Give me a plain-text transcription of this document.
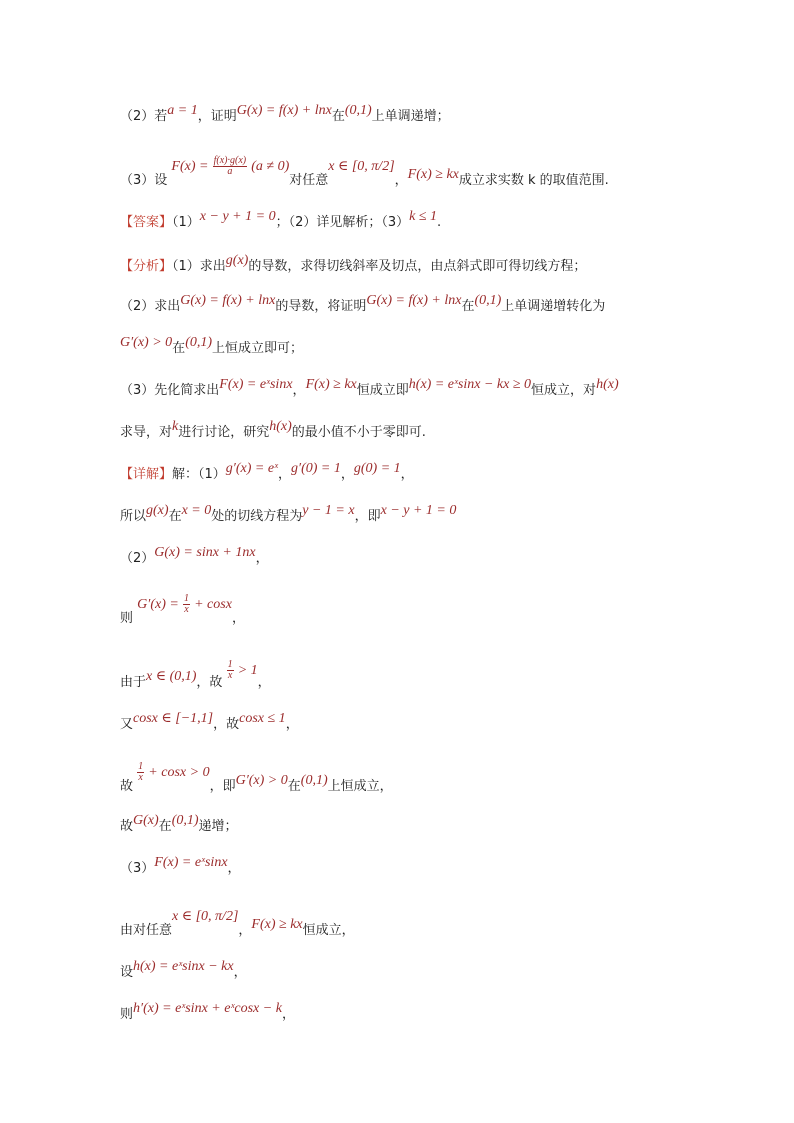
（2）若a = 1，证明G(x) = f(x) + lnx在(0,1)上单调递增；
（3）设 $F(x) = \frac{f(x)\cdot g(x)}{a} (a \ne 0)$对任意x ∈ [0, π/2]，F(x) ≥ kx成立求实数 k 的取值范围.
【答案】（1）x − y + 1 = 0；（2）详见解析；（3）k ≤ 1.
【分析】（1）求出g(x)的导数，求得切线斜率及切点，由点斜式即可得切线方程；
（2）求出G(x) = f(x) + lnx的导数，将证明G(x) = f(x) + lnx在(0,1)上单调递增转化为
G′(x) > 0在(0,1)上恒成立即可；
（3）先化简求出F(x) = eˣsinx，F(x) ≥ kx恒成立即h(x) = eˣsinx − kx ≥ 0恒成立，对h(x)
求导，对k进行讨论，研究h(x)的最小值不小于零即可.
【详解】解：（1）g′(x) = eˣ，g′(0) = 1，g(0) = 1，
所以g(x)在x = 0处的切线方程为y − 1 = x，即x − y + 1 = 0
（2）G(x) = sinx + 1nx，
则 $G'(x) = \frac{1}{x} + \cos x$，
由于x ∈ (0,1)，故
$\frac{1}{x} > 1$，
又cosx ∈ [−1,1]，故cosx ≤ 1，
故
$\frac{1}{x} + \cos x > 0$，即G′(x) > 0在(0,1)上恒成立，
故G(x)在(0,1)递增；
（3）F(x) = eˣsinx，
由对任意x ∈ [0, π/2]，F(x) ≥ kx恒成立，
设h(x) = eˣsinx − kx，
则h′(x) = eˣsinx + eˣcosx − k，
